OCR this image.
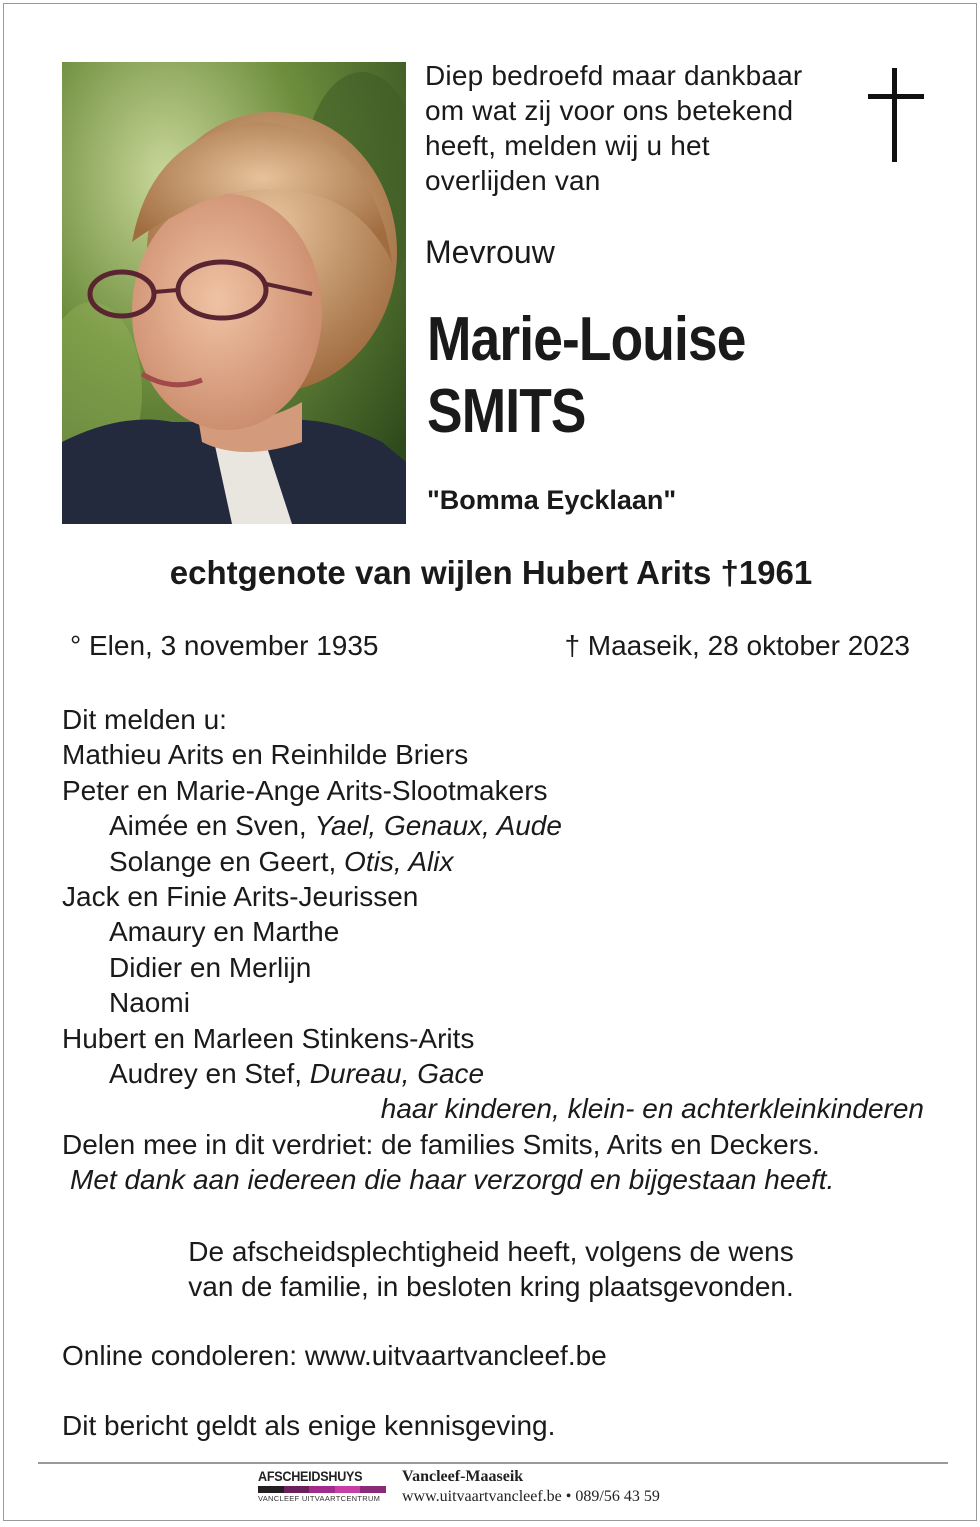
Diep bedroefd maar dankbaar
om wat zij voor ons betekend
heeft, melden wij u het
overlijden van
Mevrouw
Marie-Louise
SMITS
"Bomma Eycklaan"
echtgenote van wijlen Hubert Arits †1961
° Elen, 3 november 1935	† Maaseik, 28 oktober 2023
Dit melden u:
Mathieu Arits en Reinhilde Briers
Peter en Marie-Ange Arits-Slootmakers
Aimée en Sven, Yael, Genaux, Aude
Solange en Geert, Otis, Alix
Jack en Finie Arits-Jeurissen
Amaury en Marthe
Didier en Merlijn
Naomi
Hubert en Marleen Stinkens-Arits
Audrey en Stef, Dureau, Gace
haar kinderen, klein- en achterkleinkinderen
Delen mee in dit verdriet: de families Smits, Arits en Deckers.
Met dank aan iedereen die haar verzorgd en bijgestaan heeft.
De afscheidsplechtigheid heeft, volgens de wens
van de familie, in besloten kring plaatsgevonden.
Online condoleren: www.uitvaartvancleef.be
Dit bericht geldt als enige kennisgeving.
AFSCHEIDSHUYS
VANCLEEF UITVAARTCENTRUM
Vancleef-Maaseik
www.uitvaartvancleef.be • 089/56 43 59
